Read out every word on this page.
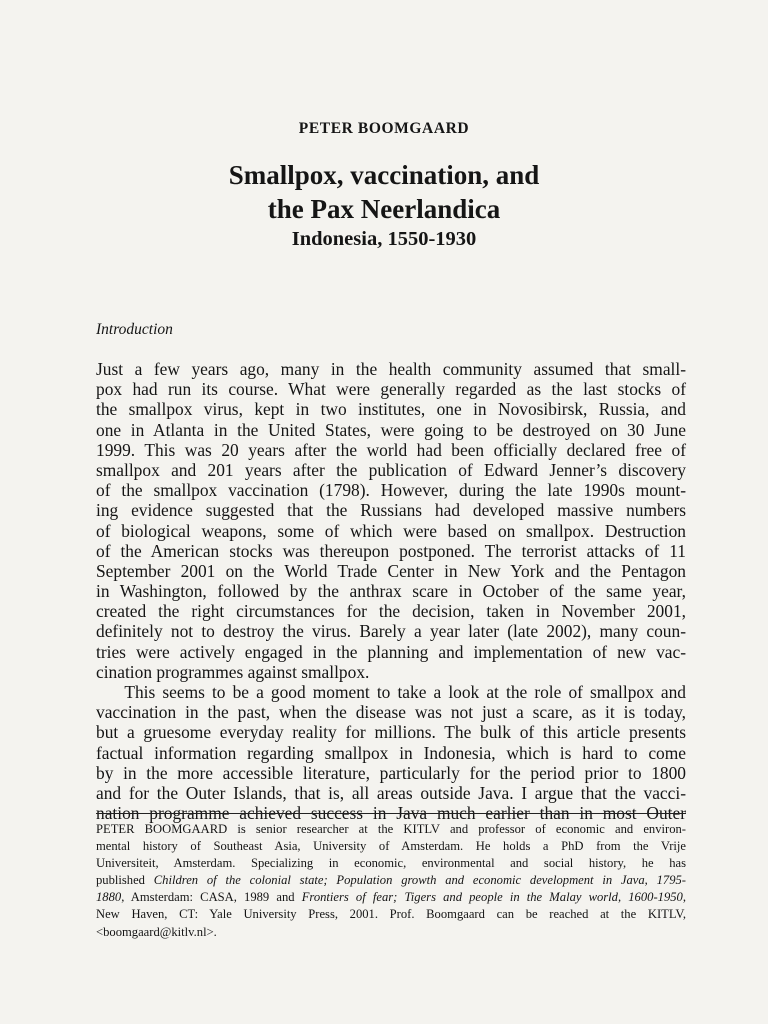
PETER BOOMGAARD
Smallpox, vaccination, and
the Pax Neerlandica
Indonesia, 1550-1930
Introduction
Just a few years ago, many in the health community assumed that small-
pox had run its course. What were generally regarded as the last stocks of
the smallpox virus, kept in two institutes, one in Novosibirsk, Russia, and
one in Atlanta in the United States, were going to be destroyed on 30 June
1999. This was 20 years after the world had been officially declared free of
smallpox and 201 years after the publication of Edward Jenner’s discovery
of the smallpox vaccination (1798). However, during the late 1990s mount-
ing evidence suggested that the Russians had developed massive numbers
of biological weapons, some of which were based on smallpox. Destruction
of the American stocks was thereupon postponed. The terrorist attacks of 11
September 2001 on the World Trade Center in New York and the Pentagon
in Washington, followed by the anthrax scare in October of the same year,
created the right circumstances for the decision, taken in November 2001,
definitely not to destroy the virus. Barely a year later (late 2002), many coun-
tries were actively engaged in the planning and implementation of new vac-
cination programmes against smallpox.
This seems to be a good moment to take a look at the role of smallpox and
vaccination in the past, when the disease was not just a scare, as it is today,
but a gruesome everyday reality for millions. The bulk of this article presents
factual information regarding smallpox in Indonesia, which is hard to come
by in the more accessible literature, particularly for the period prior to 1800
and for the Outer Islands, that is, all areas outside Java. I argue that the vacci-
nation programme achieved success in Java much earlier than in most Outer
PETER BOOMGAARD is senior researcher at the KITLV and professor of economic and environ-
mental history of Southeast Asia, University of Amsterdam. He holds a PhD from the Vrije
Universiteit, Amsterdam. Specializing in economic, environmental and social history, he has
published Children of the colonial state; Population growth and economic development in Java, 1795-
1880, Amsterdam: CASA, 1989 and Frontiers of fear; Tigers and people in the Malay world, 1600-1950,
New Haven, CT: Yale University Press, 2001. Prof. Boomgaard can be reached at the KITLV,
<boomgaard@kitlv.nl>.
